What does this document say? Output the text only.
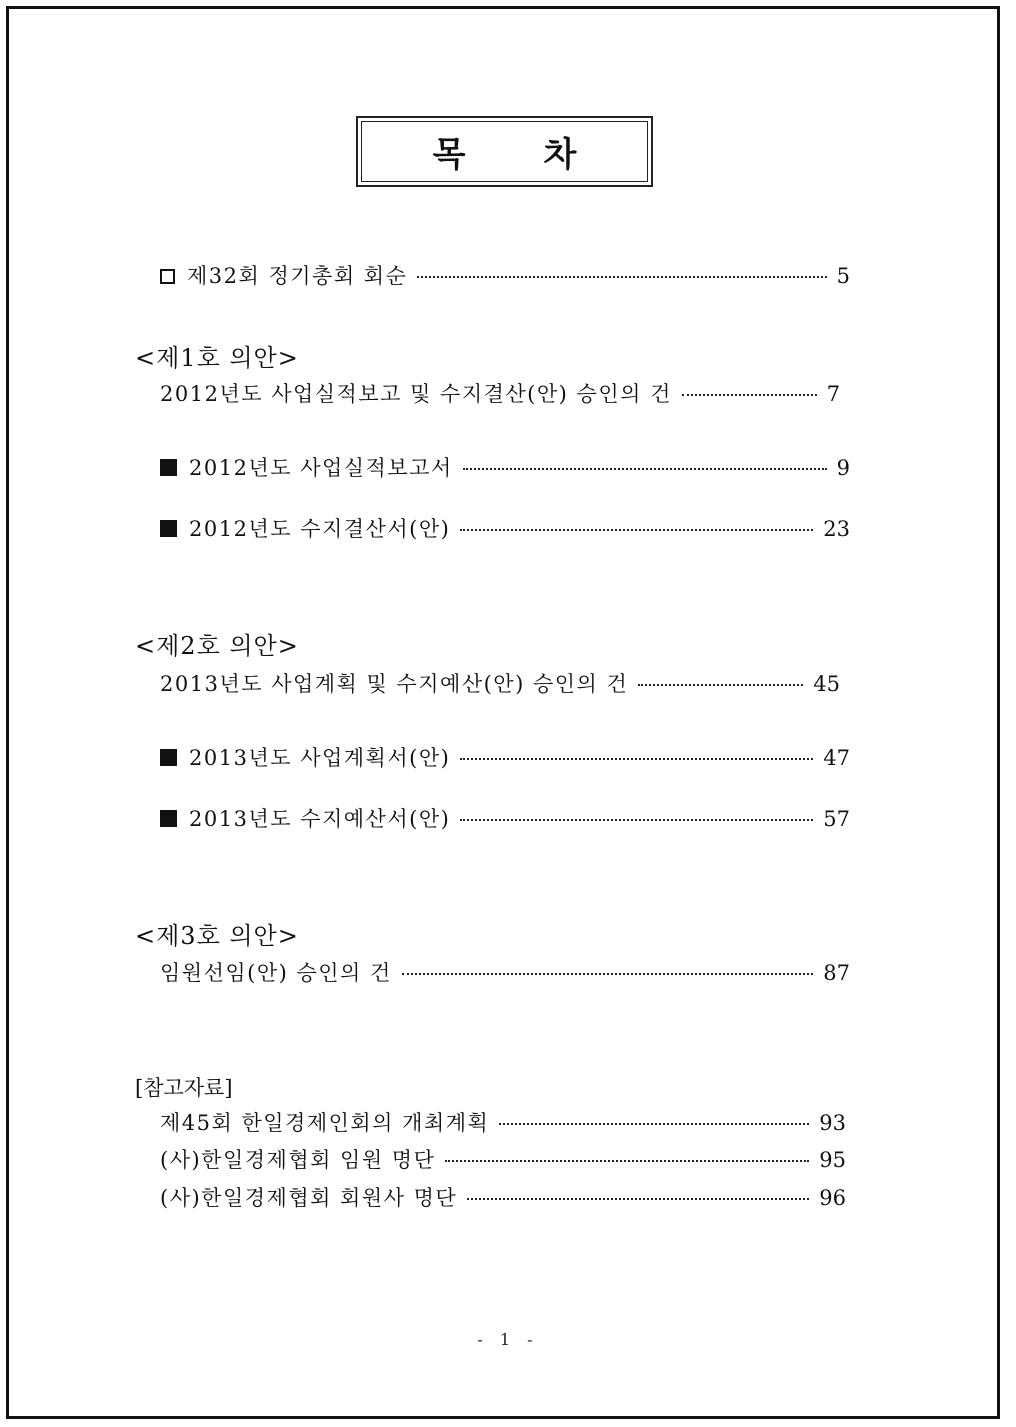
목 차
제32회 정기총회 회순	5
<제1호 의안>
2012년도 사업실적보고 및 수지결산(안) 승인의 건	7
2012년도 사업실적보고서	9
2012년도 수지결산서(안)	23
<제2호 의안>
2013년도 사업계획 및 수지예산(안) 승인의 건	45
2013년도 사업계획서(안)	47
2013년도 수지예산서(안)	57
<제3호 의안>
임원선임(안) 승인의 건	87
[참고자료]
제45회 한일경제인회의 개최계획	93
(사)한일경제협회 임원 명단	95
(사)한일경제협회 회원사 명단	96
- 1 -
